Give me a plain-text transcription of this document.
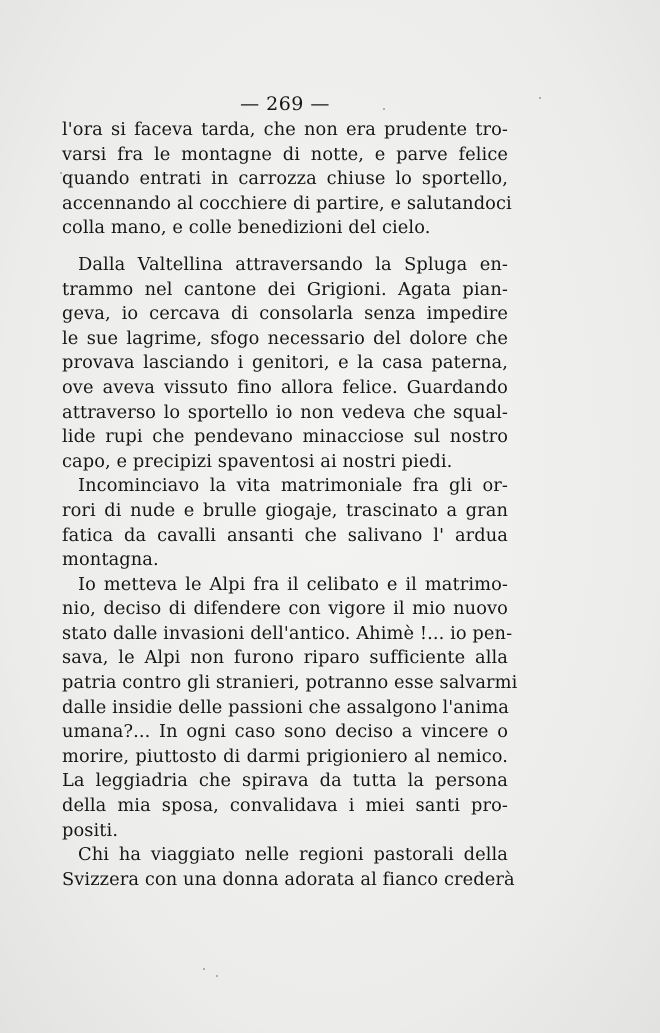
— 269 —
l'ora si faceva tarda, che non era prudente tro-
varsi fra le montagne di notte, e parve felice
quando entrati in carrozza chiuse lo sportello,
accennando al cocchiere di partire, e salutandoci
colla mano, e colle benedizioni del cielo.
Dalla Valtellina attraversando la Spluga en-
trammo nel cantone dei Grigioni. Agata pian-
geva, io cercava di consolarla senza impedire
le sue lagrime, sfogo necessario del dolore che
provava lasciando i genitori, e la casa paterna,
ove aveva vissuto fino allora felice. Guardando
attraverso lo sportello io non vedeva che squal-
lide rupi che pendevano minacciose sul nostro
capo, e precipizi spaventosi ai nostri piedi.
Incominciavo la vita matrimoniale fra gli or-
rori di nude e brulle giogaje, trascinato a gran
fatica da cavalli ansanti che salivano l' ardua
montagna.
Io metteva le Alpi fra il celibato e il matrimo-
nio, deciso di difendere con vigore il mio nuovo
stato dalle invasioni dell'antico. Ahimè !... io pen-
sava, le Alpi non furono riparo sufficiente alla
patria contro gli stranieri, potranno esse salvarmi
dalle insidie delle passioni che assalgono l'anima
umana?... In ogni caso sono deciso a vincere o
morire, piuttosto di darmi prigioniero al nemico.
La leggiadria che spirava da tutta la persona
della mia sposa, convalidava i miei santi pro-
positi.
Chi ha viaggiato nelle regioni pastorali della
Svizzera con una donna adorata al fianco crederà
